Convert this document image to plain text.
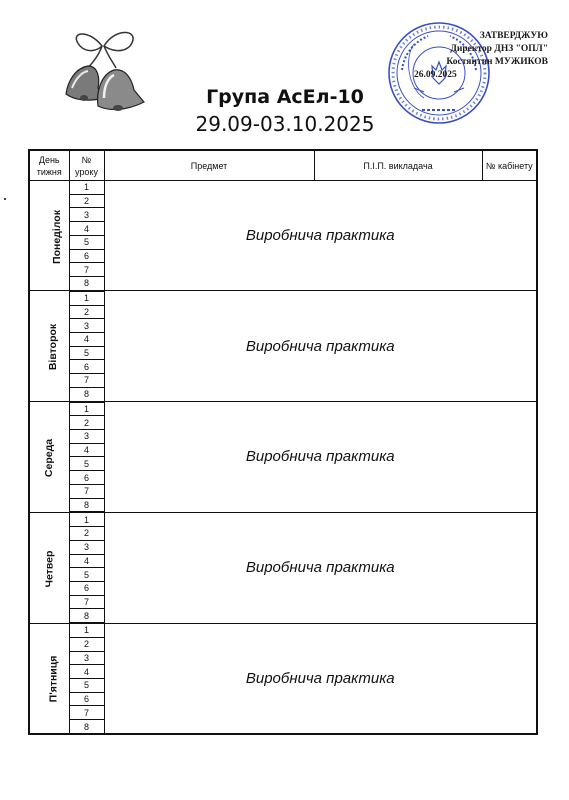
ЗАТВЕРДЖУЮ
Директор ДНЗ "ОПЛ"
Костянтин МУЖИКОВ
26.09.2025
Група АсЕл-10
29.09-03.10.2025
День тижня	№ уроку	Предмет	П.І.П. викладача	№ кабінету
Понеділок	1	Виробнича практика		
	2			
	3			
	4			
	5			
	6			
	7			
	8			
Вівторок	1	Виробнича практика		
	2			
	3			
	4			
	5			
	6			
	7			
	8			
Середа	1	Виробнича практика		
	2			
	3			
	4			
	5			
	6			
	7			
	8			
Четвер	1	Виробнича практика		
	2			
	3			
	4			
	5			
	6			
	7			
	8			
П'ятниця	1	Виробнича практика		
	2			
	3			
	4			
	5			
	6			
	7			
	8			
